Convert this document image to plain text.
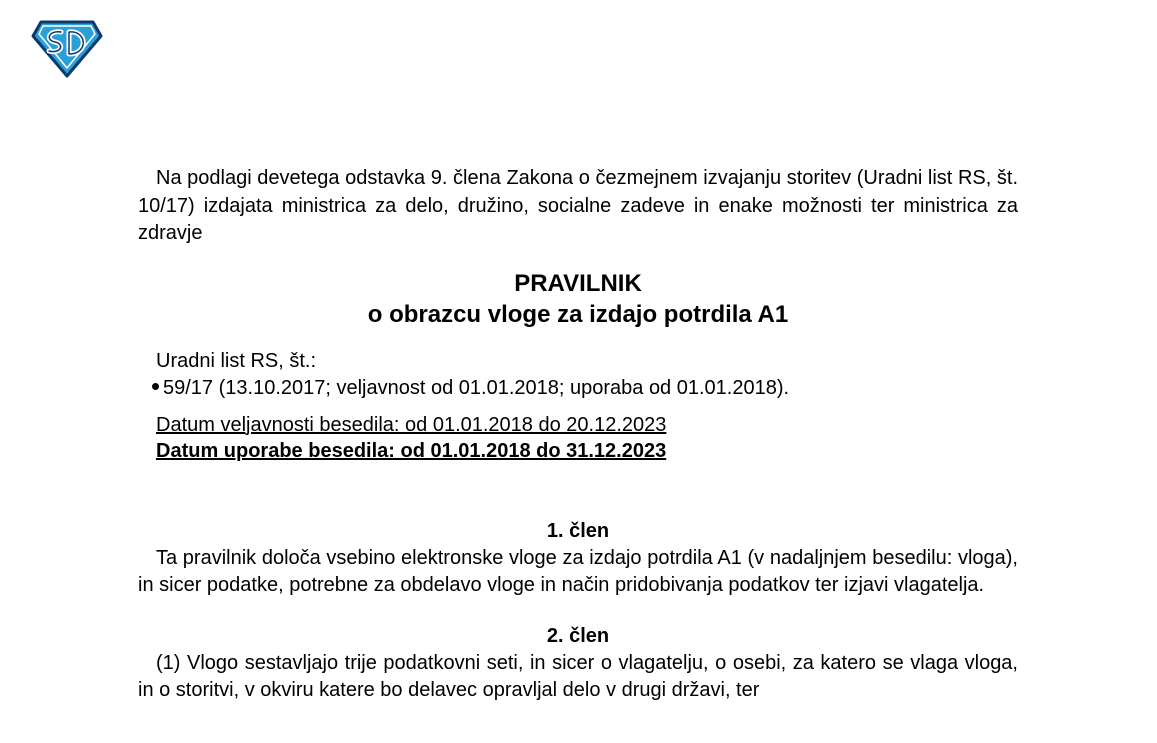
Na podlagi devetega odstavka 9. člena Zakona o čezmejnem izvajanju storitev (Uradni list RS, št. 10/17) izdajata ministrica za delo, družino, socialne zadeve in enake možnosti ter ministrica za zdravje

PRAVILNIK

o obrazcu vloge za izdajo potrdila A1

Uradni list RS, št.:
59/17 (13.10.2017; veljavnost od 01.01.2018; uporaba od 01.01.2018).
Datum veljavnosti besedila: od 01.01.2018 do 20.12.2023
Datum uporabe besedila: od 01.01.2018 do 31.12.2023

1. člen

Ta pravilnik določa vsebino elektronske vloge za izdajo potrdila A1 (v nadaljnjem besedilu: vloga), in sicer podatke, potrebne za obdelavo vloge in način pridobivanja podatkov ter izjavi vlagatelja.

2. člen

(1) Vlogo sestavljajo trije podatkovni seti, in sicer o vlagatelju, o osebi, za katero se vlaga vloga, in o storitvi, v okviru katere bo delavec opravljal delo v drugi državi, ter
